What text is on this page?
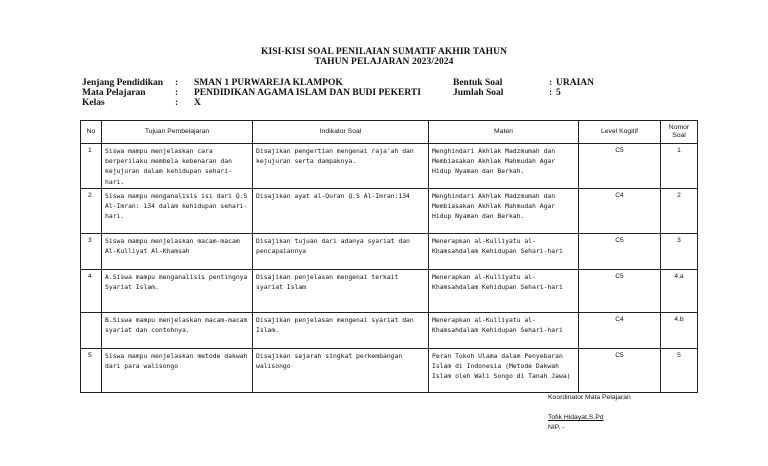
KISI-KISI SOAL PENILAIAN SUMATIF AKHIR TAHUN
TAHUN PELAJARAN 2023/2024
Jenjang Pendidikan : SMAN 1 PURWAREJA KLAMPOK
Mata Pelajaran	: PENDIDIKAN AGAMA ISLAM DAN BUDI PEKERTI
Kelas	: X
Bentuk Soal	: URAIAN
Jumlah Soal	: 5
No	Tujuan Pembelajaran	Indikator Soal	Materi	Level Kogitif	Nomor Soal
1	Siswa mampu menjelaskan cara berperilaku membela kebenaran dan kejujuran dalam kehidupan sehari-hari.	Disajikan pengertian mengenai rajа'ah dan kejujuran serta dampaknya.	Menghindari Akhlak Madzmumah dan Membiasakan Akhlak Mahmudah Agar Hidup Nyaman dan Berkah.	C5	1
2	Siswa mampu menganalisis isi dari Q.S Al-Imran: 134 dalam kehidupan sehari-hari.	Disajikan ayat al-Quran Q.S Al-Imran:134	Menghindari Akhlak Madzmumah dan Membiasakan Akhlak Mahmudah Agar Hidup Nyaman dan Berkah.	C4	2
3	Siswa mampu menjelaskan macam-macam Al-Kulliyat Al-Khamsah	Disajikan tujuan dari adanya syariat dan pencapaiannya	Menerapkan al-Kulliyatu al-Khamsahdalam Kehidupan Sehari-hari	C5	3
4	A.Siswa mampu menganalisis pentingnya Syariat Islam.	Disajikan penjelasan mengenai terkait syariat Islam	Menerapkan al-Kulliyatu al-Khamsahdalam Kehidupan Sehari-hari	C5	4.a
	B.Siswa mampu menjelaskan macam-macam syariat dan contohnya.	Disajikan penjelasan mengenai syariat dan Islam.	Menerapkan al-Kulliyatu al-Khamsahdalam Kehidupan Sehari-hari	C4	4.b
5	Siswa mampu menjelaskan metode dakwah dari para walisongo	Disajikan sejarah singkat perkembangan walisongo	Peran Tokoh Ulama dalam Penyebaran Islam di Indonesia (Metode Dakwah Islam oleh Wali Songo di Tanah Jawa)	C5	5
Koordinator Mata Pelajaran
Tofik Hidayat,S.Pd
NIP. -
